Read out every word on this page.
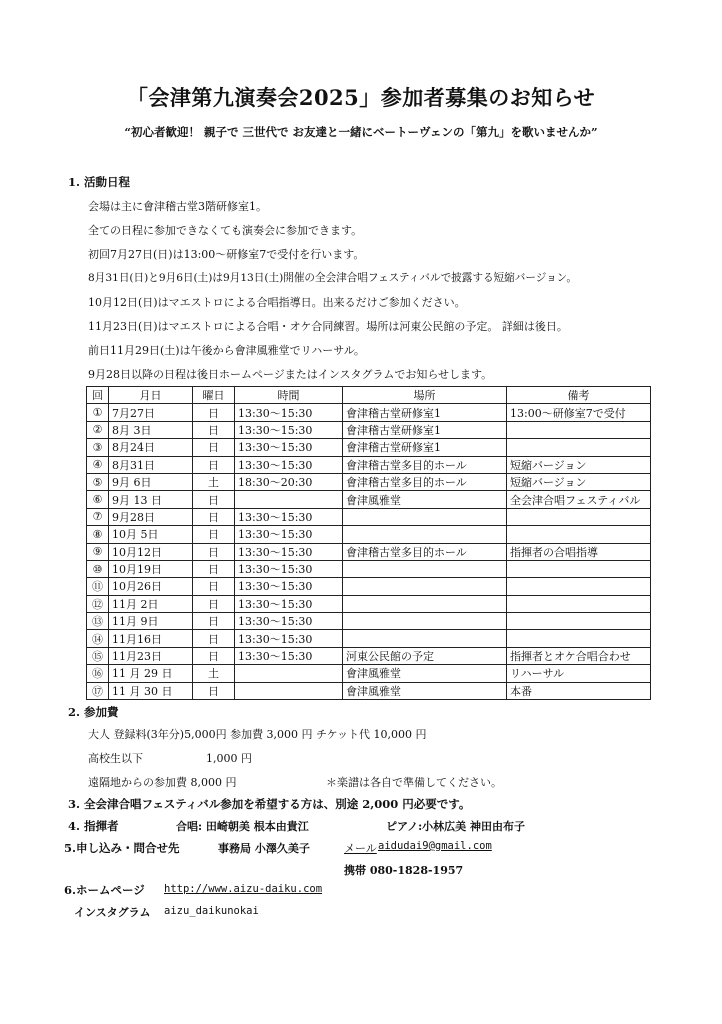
「会津第九演奏会2025」参加者募集のお知らせ
“初心者歓迎！ 親子で 三世代で お友達と一緒にベートーヴェンの「第九」を歌いませんか”
1. 活動日程
会場は主に會津稽古堂3階研修室1。
全ての日程に参加できなくても演奏会に参加できます。
初回7月27日(日)は13:00～研修室7で受付を行います。
8月31日(日)と9月6日(土)は9月13日(土)開催の全会津合唱フェスティバルで披露する短縮バージョン。
10月12日(日)はマエストロによる合唱指導日。出来るだけご参加ください。
11月23日(日)はマエストロによる合唱・オケ合同練習。場所は河東公民館の予定。 詳細は後日。
前日11月29日(土)は午後から會津風雅堂でリハーサル。
9月28日以降の日程は後日ホームページまたはインスタグラムでお知らせします。
回	月日	曜日	時間	場所	備考
①	7月27日	日	13:30～15:30	會津稽古堂研修室1	13:00～研修室7で受付
②	8月 3日	日	13:30～15:30	會津稽古堂研修室1	
③	8月24日	日	13:30～15:30	會津稽古堂研修室1	
④	8月31日	日	13:30～15:30	會津稽古堂多目的ホール	短縮バージョン
⑤	9月 6日	土	18:30～20:30	會津稽古堂多目的ホール	短縮バージョン
⑥	9月 13 日	日		會津風雅堂	全会津合唱フェスティバル
⑦	9月28日	日	13:30～15:30		
⑧	10月 5日	日	13:30～15:30		
⑨	10月12日	日	13:30～15:30	會津稽古堂多目的ホール	指揮者の合唱指導
⑩	10月19日	日	13:30～15:30		
⑪	10月26日	日	13:30～15:30		
⑫	11月 2日	日	13:30～15:30		
⑬	11月 9日	日	13:30～15:30		
⑭	11月16日	日	13:30～15:30		
⑮	11月23日	日	13:30～15:30	河東公民館の予定	指揮者とオケ合唱合わせ
⑯	11 月 29 日	土		會津風雅堂	リハーサル
⑰	11 月 30 日	日		會津風雅堂	本番
2. 参加費
大人 登録料(3年分)5,000円 参加費 3,000 円 チケット代 10,000 円
高校生以下	1,000 円
遠隔地からの参加費 8,000 円	＊楽譜は各自で準備してください。
3. 全会津合唱フェスティバル参加を希望する方は、別途 2,000 円必要です。
4. 指揮者	合唱: 田崎朝美 根本由貴江	ピアノ:小林広美 神田由布子
5.申し込み・問合せ先	事務局 小澤久美子	メール aidudai9@gmail.com
携帯 080-1828-1957
6.ホームページ http://www.aizu-daiku.com
インスタグラム aizu_daikunokai
